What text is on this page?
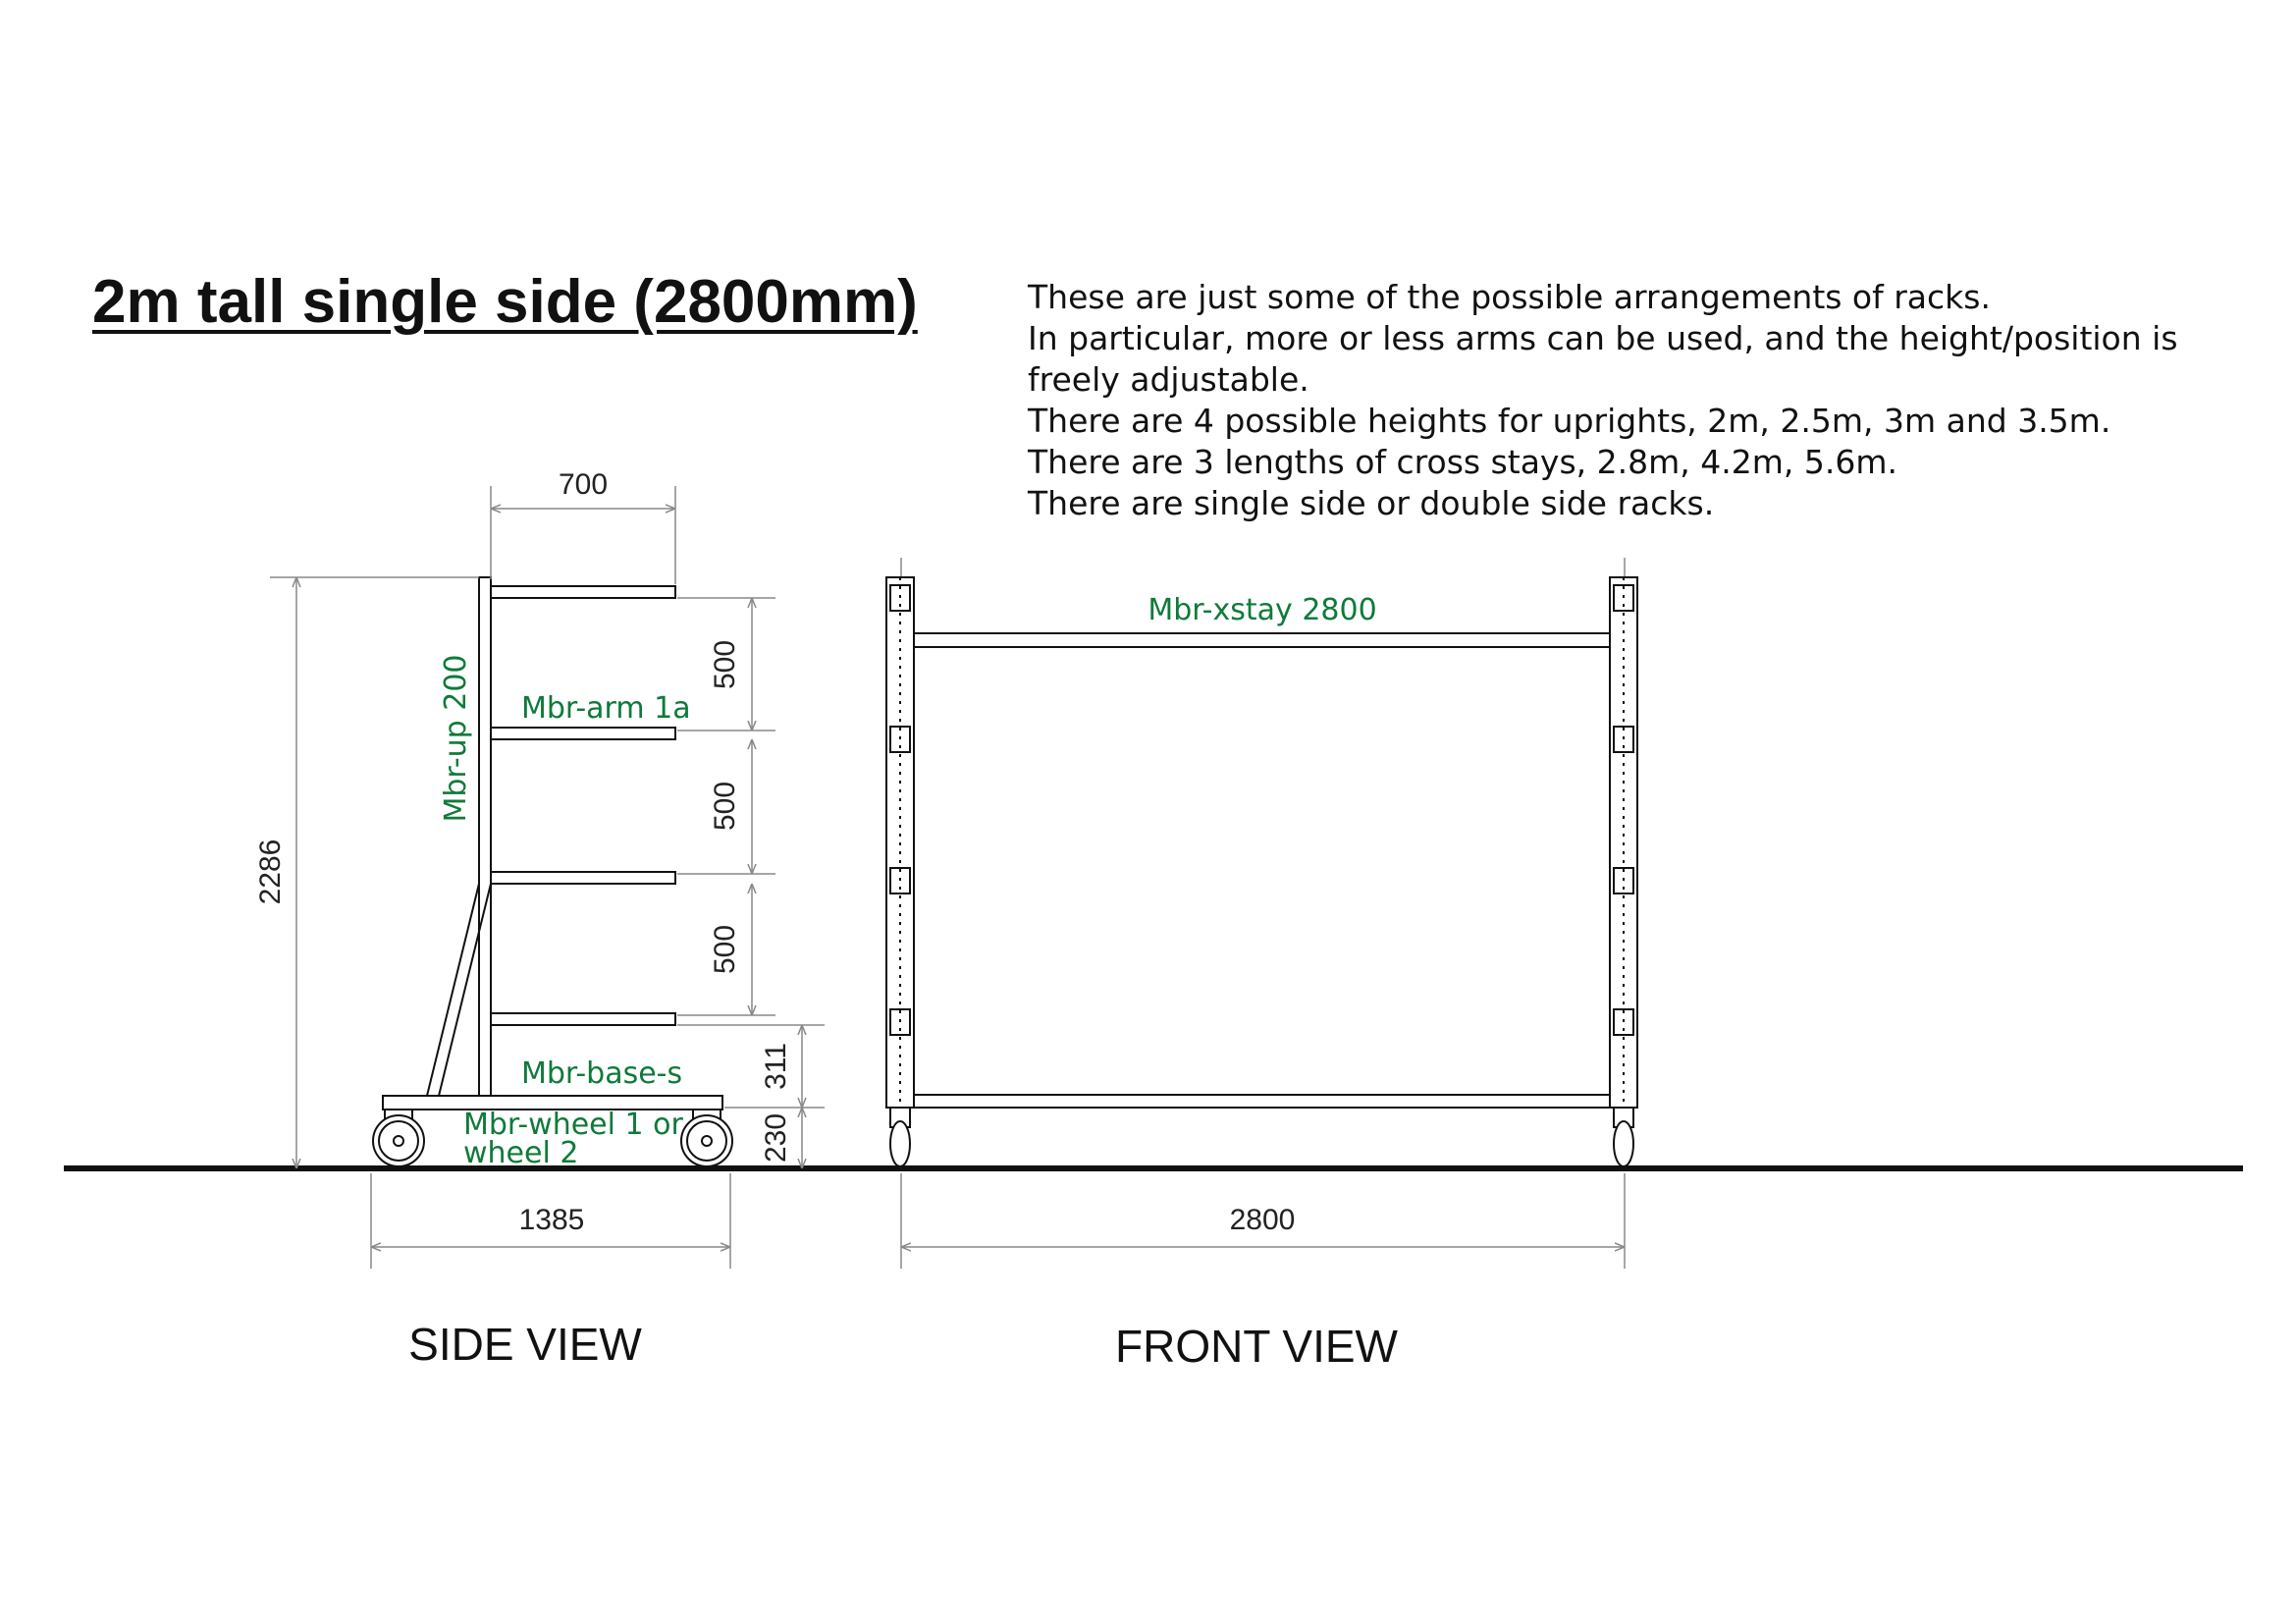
2m tall single side (2800mm)	These are just some of the possible arrangements of racks.
In particular, more or less arms can be used, and the height/position is
freely adjustable.
There are 4 possible heights for uprights, 2m, 2.5m, 3m and 3.5m.
There are 3 lengths of cross stays, 2.8m, 4.2m, 5.6m.
There are single side or double side racks.
700
2286
500
500
500
311
230
1385
Mbr-up 200 Mbr-arm 1a
Mbr-base-s
Mbr-wheel 1 or
wheel 2
SIDE VIEW
2800
Mbr-xstay 2800
FRONT VIEW
